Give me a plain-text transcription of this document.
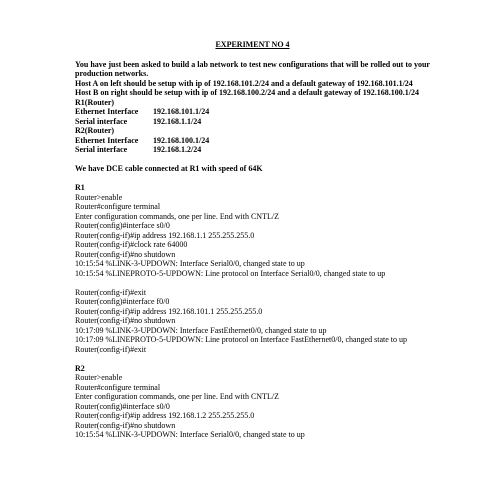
EXPERIMENT NO 4
You have just been asked to build a lab network to test new configurations that will be rolled out to your production networks.
Host A on left should be setup with ip of 192.168.101.2/24 and a default gateway of 192.168.101.1/24
Host B on right should be setup with ip of 192.168.100.2/24 and a default gateway of 192.168.100.1/24
R1(Router)
Ethernet Interface	192.168.101.1/24
Serial interface	192.168.1.1/24
R2(Router)
Ethernet Interface	192.168.100.1/24
Serial interface	192.168.1.2/24
We have DCE cable connected at R1 with speed of 64K
R1
Router>enable
Router#configure terminal
Enter configuration commands, one per line. End with CNTL/Z
Router(config)#interface s0/0
Router(config-if)#ip address 192.168.1.1 255.255.255.0
Router(config-if)#clock rate 64000
Router(config-if)#no shutdown
10:15:54 %LINK-3-UPDOWN: Interface Serial0/0, changed state to up
10:15:54 %LINEPROTO-5-UPDOWN: Line protocol on Interface Serial0/0, changed state to up
Router(config-if)#exit
Router(config)#interface f0/0
Router(config-if)#ip address 192.168.101.1 255.255.255.0
Router(config-if)#no shutdown
10:17:09 %LINK-3-UPDOWN: Interface FastEthernet0/0, changed state to up
10:17:09 %LINEPROTO-5-UPDOWN: Line protocol on Interface FastEthernet0/0, changed state to up
Router(config-if)#exit
R2
Router>enable
Router#configure terminal
Enter configuration commands, one per line. End with CNTL/Z
Router(config)#interface s0/0
Router(config-if)#ip address 192.168.1.2 255.255.255.0
Router(config-if)#no shutdown
10:15:54 %LINK-3-UPDOWN: Interface Serial0/0, changed state to up
